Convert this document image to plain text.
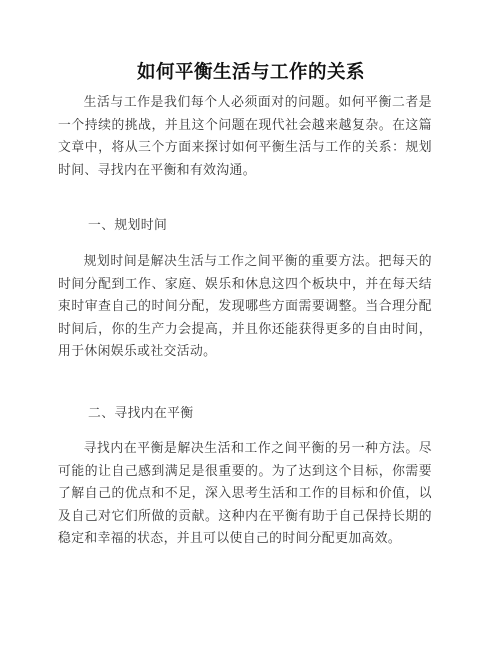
如何平衡生活与工作的关系

生活与工作是我们每个人必须面对的问题。如何平衡二者是一个持续的挑战，并且这个问题在现代社会越来越复杂。在这篇文章中，将从三个方面来探讨如何平衡生活与工作的关系：规划时间、寻找内在平衡和有效沟通。

一、规划时间

规划时间是解决生活与工作之间平衡的重要方法。把每天的时间分配到工作、家庭、娱乐和休息这四个板块中，并在每天结束时审查自己的时间分配，发现哪些方面需要调整。当合理分配时间后，你的生产力会提高，并且你还能获得更多的自由时间，用于休闲娱乐或社交活动。

二、寻找内在平衡

寻找内在平衡是解决生活和工作之间平衡的另一种方法。尽可能的让自己感到满足是很重要的。为了达到这个目标，你需要了解自己的优点和不足，深入思考生活和工作的目标和价值，以及自己对它们所做的贡献。这种内在平衡有助于自己保持长期的稳定和幸福的状态，并且可以使自己的时间分配更加高效。
